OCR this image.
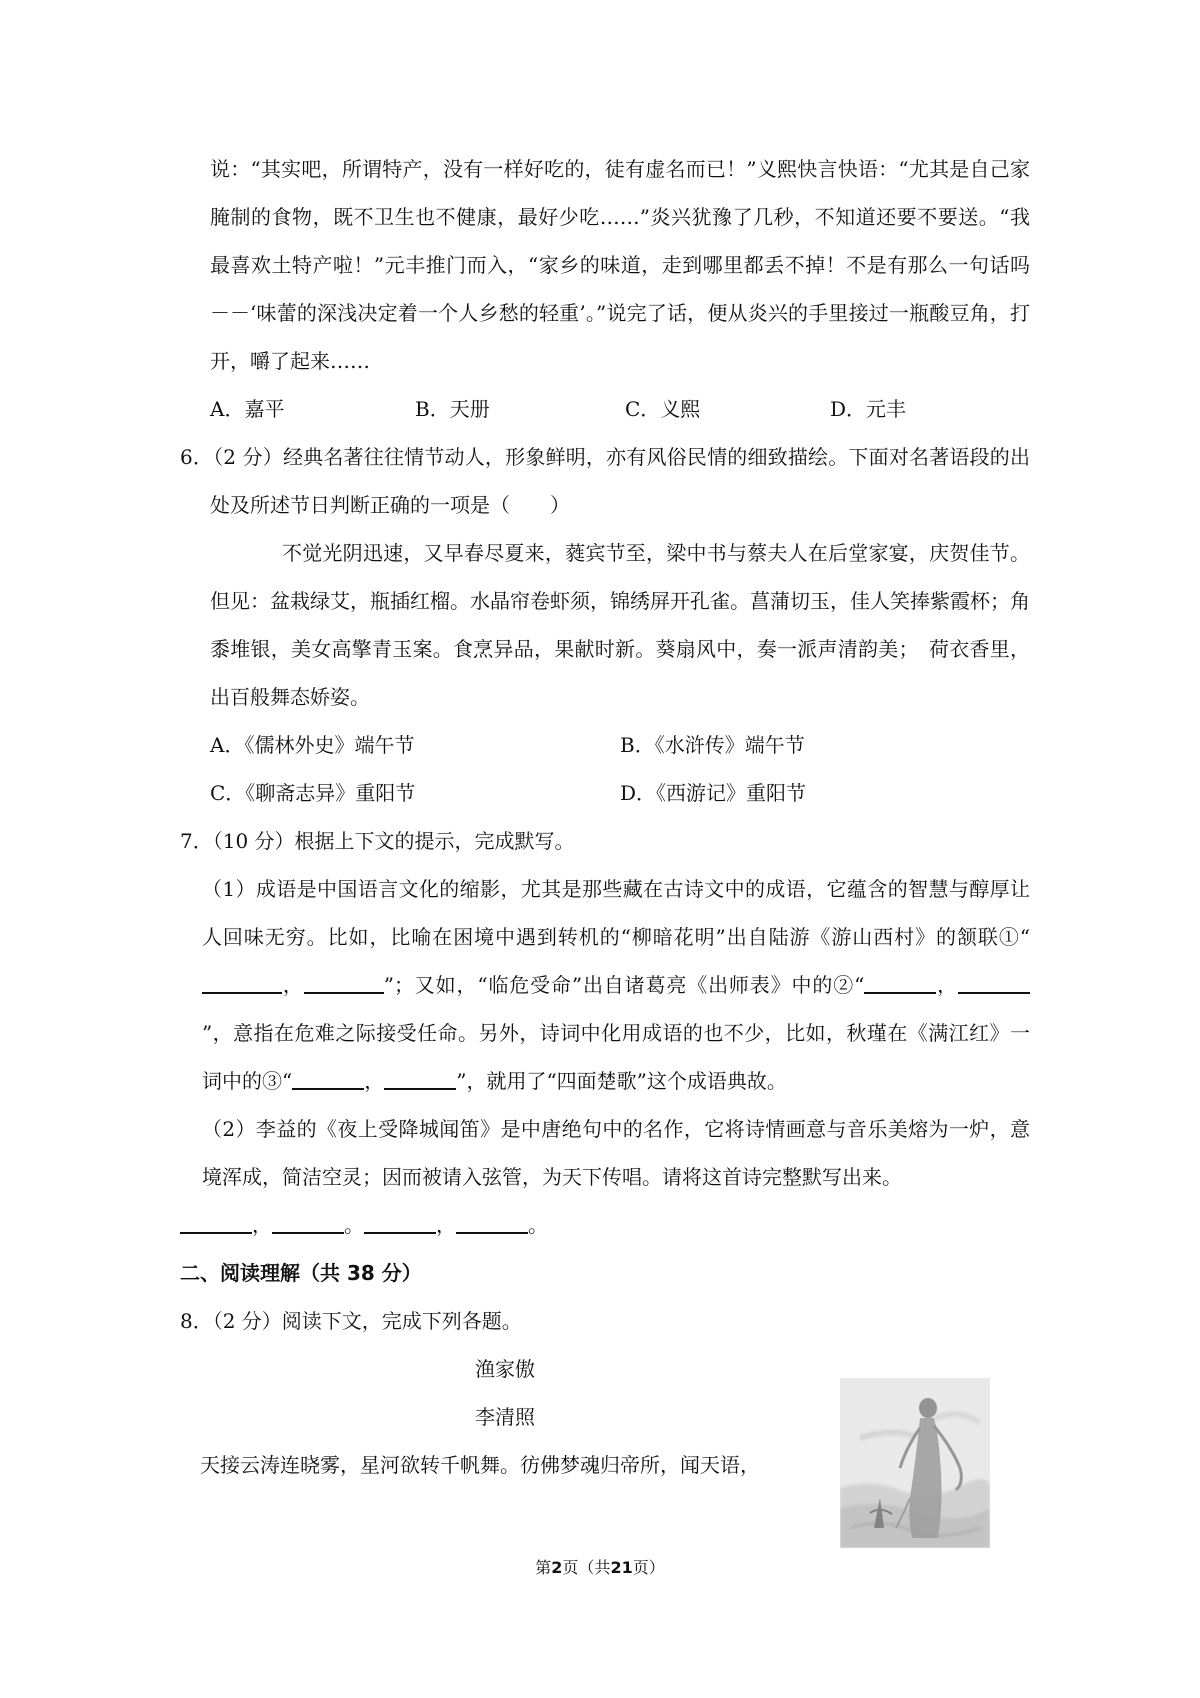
说：“其实吧，所谓特产，没有一样好吃的，徒有虚名而已！”义熙快言快语：“尤其是自己家腌制的食物，既不卫生也不健康，最好少吃……”炎兴犹豫了几秒，不知道还要不要送。“我最喜欢土特产啦！”元丰推门而入，“家乡的味道，走到哪里都丢不掉！不是有那么一句话吗－－‘味蕾的深浅决定着一个人乡愁的轻重’。”说完了话，便从炎兴的手里接过一瓶酸豆角，打开，嚼了起来……

A．嘉平	B．天册	C．义熙	D．元丰

6．（2 分）经典名著往往情节动人，形象鲜明，亦有风俗民情的细致描绘。下面对名著语段的出处及所述节日判断正确的一项是（　　）

不觉光阴迅速，又早春尽夏来，蕤宾节至，梁中书与蔡夫人在后堂家宴，庆贺佳节。但见：盆栽绿艾，瓶插红榴。水晶帘卷虾须，锦绣屏开孔雀。菖蒲切玉，佳人笑捧紫霞杯；角黍堆银，美女高擎青玉案。食烹异品，果献时新。葵扇风中，奏一派声清韵美；　荷衣香里，出百般舞态娇姿。

A．《儒林外史》端午节	B．《水浒传》端午节
C．《聊斋志异》重阳节	D．《西游记》重阳节

7．（10 分）根据上下文的提示，完成默写。

（1）成语是中国语言文化的缩影，尤其是那些藏在古诗文中的成语，它蕴含的智慧与醇厚让人回味无穷。比如，比喻在困境中遇到转机的“柳暗花明”出自陆游《游山西村》的颔联①“，	”；又如，“临危受命”出自诸葛亮《出师表》中的②“	，”，意指在危难之际接受任命。另外，诗词中化用成语的也不少，比如，秋瑾在《满江红》一词中的③“	，	”，就用了“四面楚歌”这个成语典故。

（2）李益的《夜上受降城闻笛》是中唐绝句中的名作，它将诗情画意与音乐美熔为一炉，意境浑成，简洁空灵；因而被请入弦管，为天下传唱。请将这首诗完整默写出来。

，	。	，	。

二、阅读理解（共 38 分）

8．（2 分）阅读下文，完成下列各题。

渔家傲

李清照

天接云涛连晓雾，星河欲转千帆舞。彷佛梦魂归帝所，闻天语，

第2页（共21页）
